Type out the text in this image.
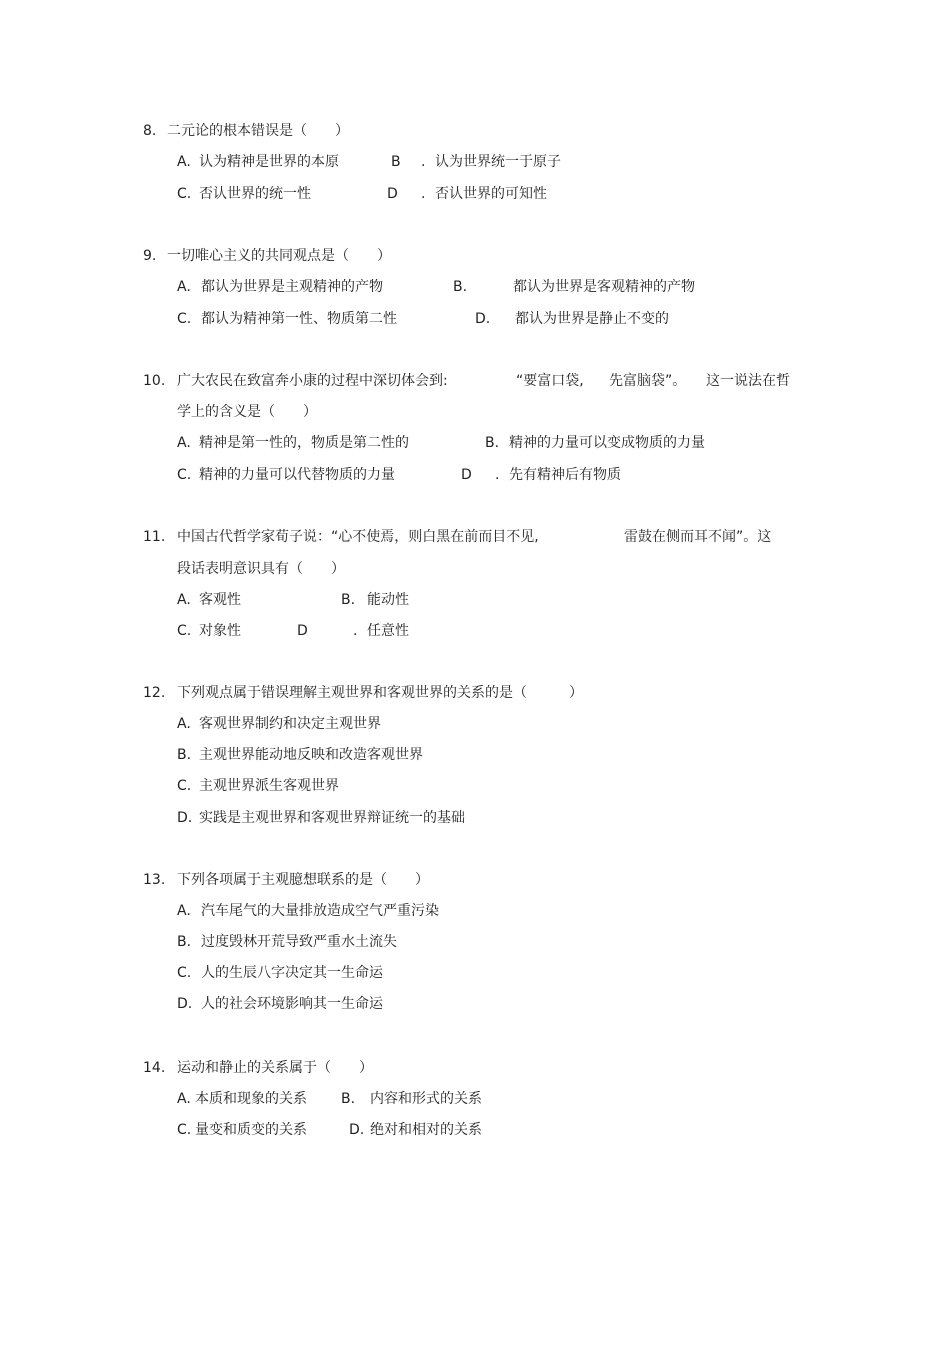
8. 二元论的根本错误是（　　）
A. 认为精神是世界的本原	B . 认为世界统一于原子
C. 否认世界的统一性	D . 否认世界的可知性
9. 一切唯心主义的共同观点是（　　）
A. 都认为世界是主观精神的产物	B.	都认为世界是客观精神的产物
C. 都认为精神第一性、物质第二性	D. 都认为世界是静止不变的
10. 广大农民在致富奔小康的过程中深切体会到:	“要富口袋, 先富脑袋”。 这一说法在哲
学上的含义是（　　）
A. 精神是第一性的，物质是第二性的	B. 精神的力量可以变成物质的力量
C. 精神的力量可以代替物质的力量	D . 先有精神后有物质
11. 中国古代哲学家荀子说：“心不使焉，则白黑在前而目不见,	雷鼓在侧而耳不闻”。这
段话表明意识具有（　　）
A. 客观性	B. 能动性
C. 对象性	D	. 任意性
12. 下列观点属于错误理解主观世界和客观世界的关系的是（　　　）
A. 客观世界制约和决定主观世界
B. 主观世界能动地反映和改造客观世界
C. 主观世界派生客观世界
D. 实践是主观世界和客观世界辩证统一的基础
13. 下列各项属于主观臆想联系的是（　　）
A. 汽车尾气的大量排放造成空气严重污染
B. 过度毁林开荒导致严重水土流失
C. 人的生辰八字决定其一生命运
D. 人的社会环境影响其一生命运
14. 运动和静止的关系属于（　　）
A. 本质和现象的关系 B. 内容和形式的关系
C. 量变和质变的关系	D. 绝对和相对的关系
